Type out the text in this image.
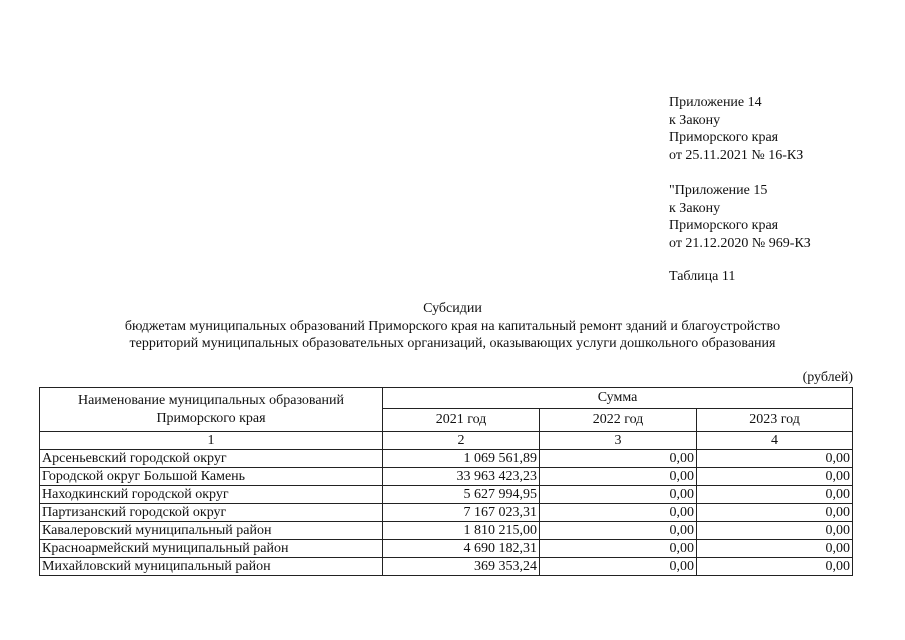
Приложение 14
к Закону
Приморского края
от 25.11.2021 № 16-КЗ
"Приложение 15
к Закону
Приморского края
от 21.12.2020 № 969-КЗ
Таблица 11
Субсидии
бюджетам муниципальных образований Приморского края на капитальный ремонт зданий и благоустройство
территорий муниципальных образовательных организаций, оказывающих услуги дошкольного образования
(рублей)
Наименование муниципальных образований Приморского края	Сумма		
	2021 год	2022 год	2023 год
1	2	3	4
Арсеньевский городской округ	1 069 561,89	0,00	0,00
Городской округ Большой Камень	33 963 423,23	0,00	0,00
Находкинский городской округ	5 627 994,95	0,00	0,00
Партизанский городской округ	7 167 023,31	0,00	0,00
Кавалеровский муниципальный район	1 810 215,00	0,00	0,00
Красноармейский муниципальный район	4 690 182,31	0,00	0,00
Михайловский муниципальный район	369 353,24	0,00	0,00
